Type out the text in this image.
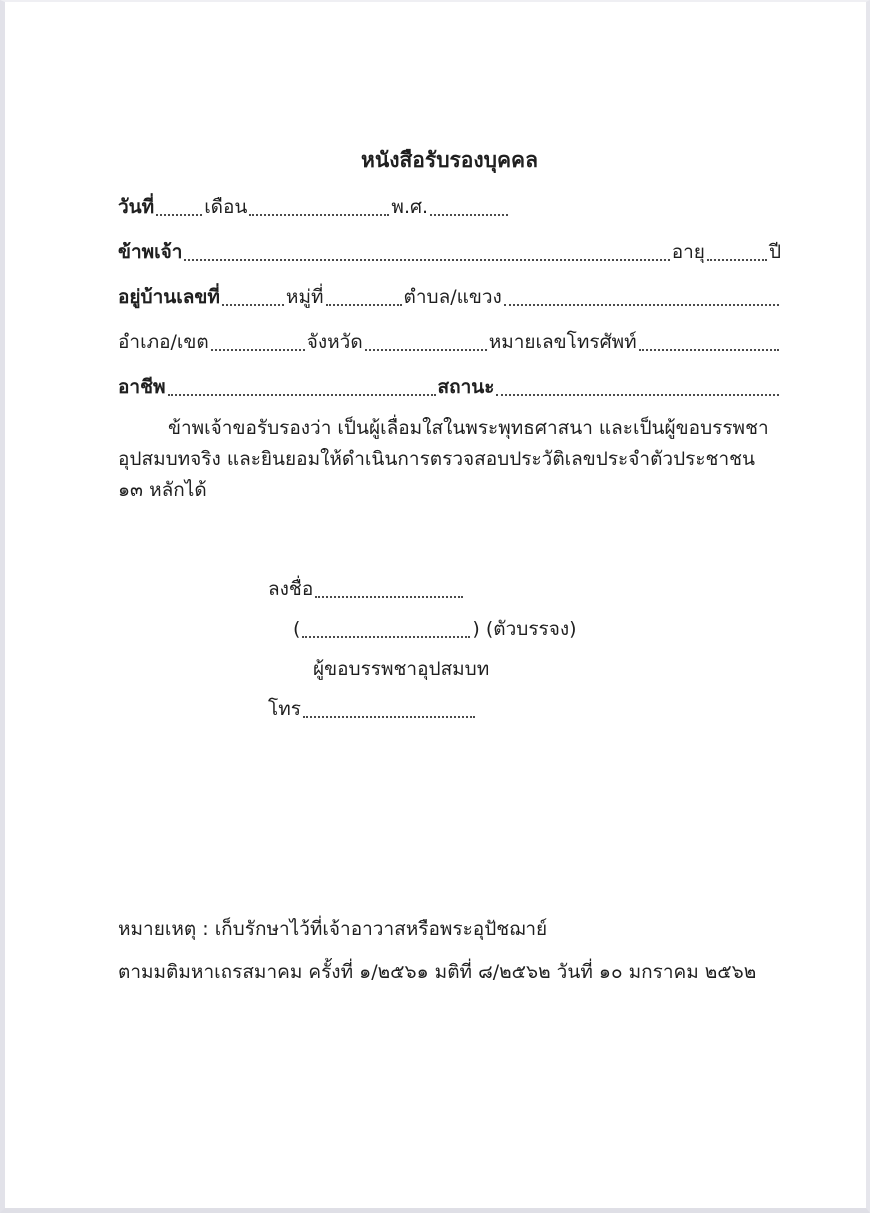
หนังสือรับรองบุคคล
วันที่	เดือน	พ.ศ.
ข้าพเจ้า	อายุ	ปี
อยู่บ้านเลขที่	หมู่ที่	ตำบล/แขวง
อำเภอ/เขต	จังหวัด	หมายเลขโทรศัพท์
อาชีพ	สถานะ

ข้าพเจ้าขอรับรองว่า เป็นผู้เลื่อมใสในพระพุทธศาสนา และเป็นผู้ขอบรรพชาอุปสมบทจริง และยินยอมให้ดำเนินการตรวจสอบประวัติเลขประจำตัวประชาชน ๑๓ หลักได้

ลงชื่อ
(	) (ตัวบรรจง)
ผู้ขอบรรพชาอุปสมบท
โทร
หมายเหตุ : เก็บรักษาไว้ที่เจ้าอาวาสหรือพระอุปัชฌาย์
ตามมติมหาเถรสมาคม ครั้งที่ ๑/๒๕๖๑ มติที่ ๘/๒๕๖๒ วันที่ ๑๐ มกราคม ๒๕๖๒
